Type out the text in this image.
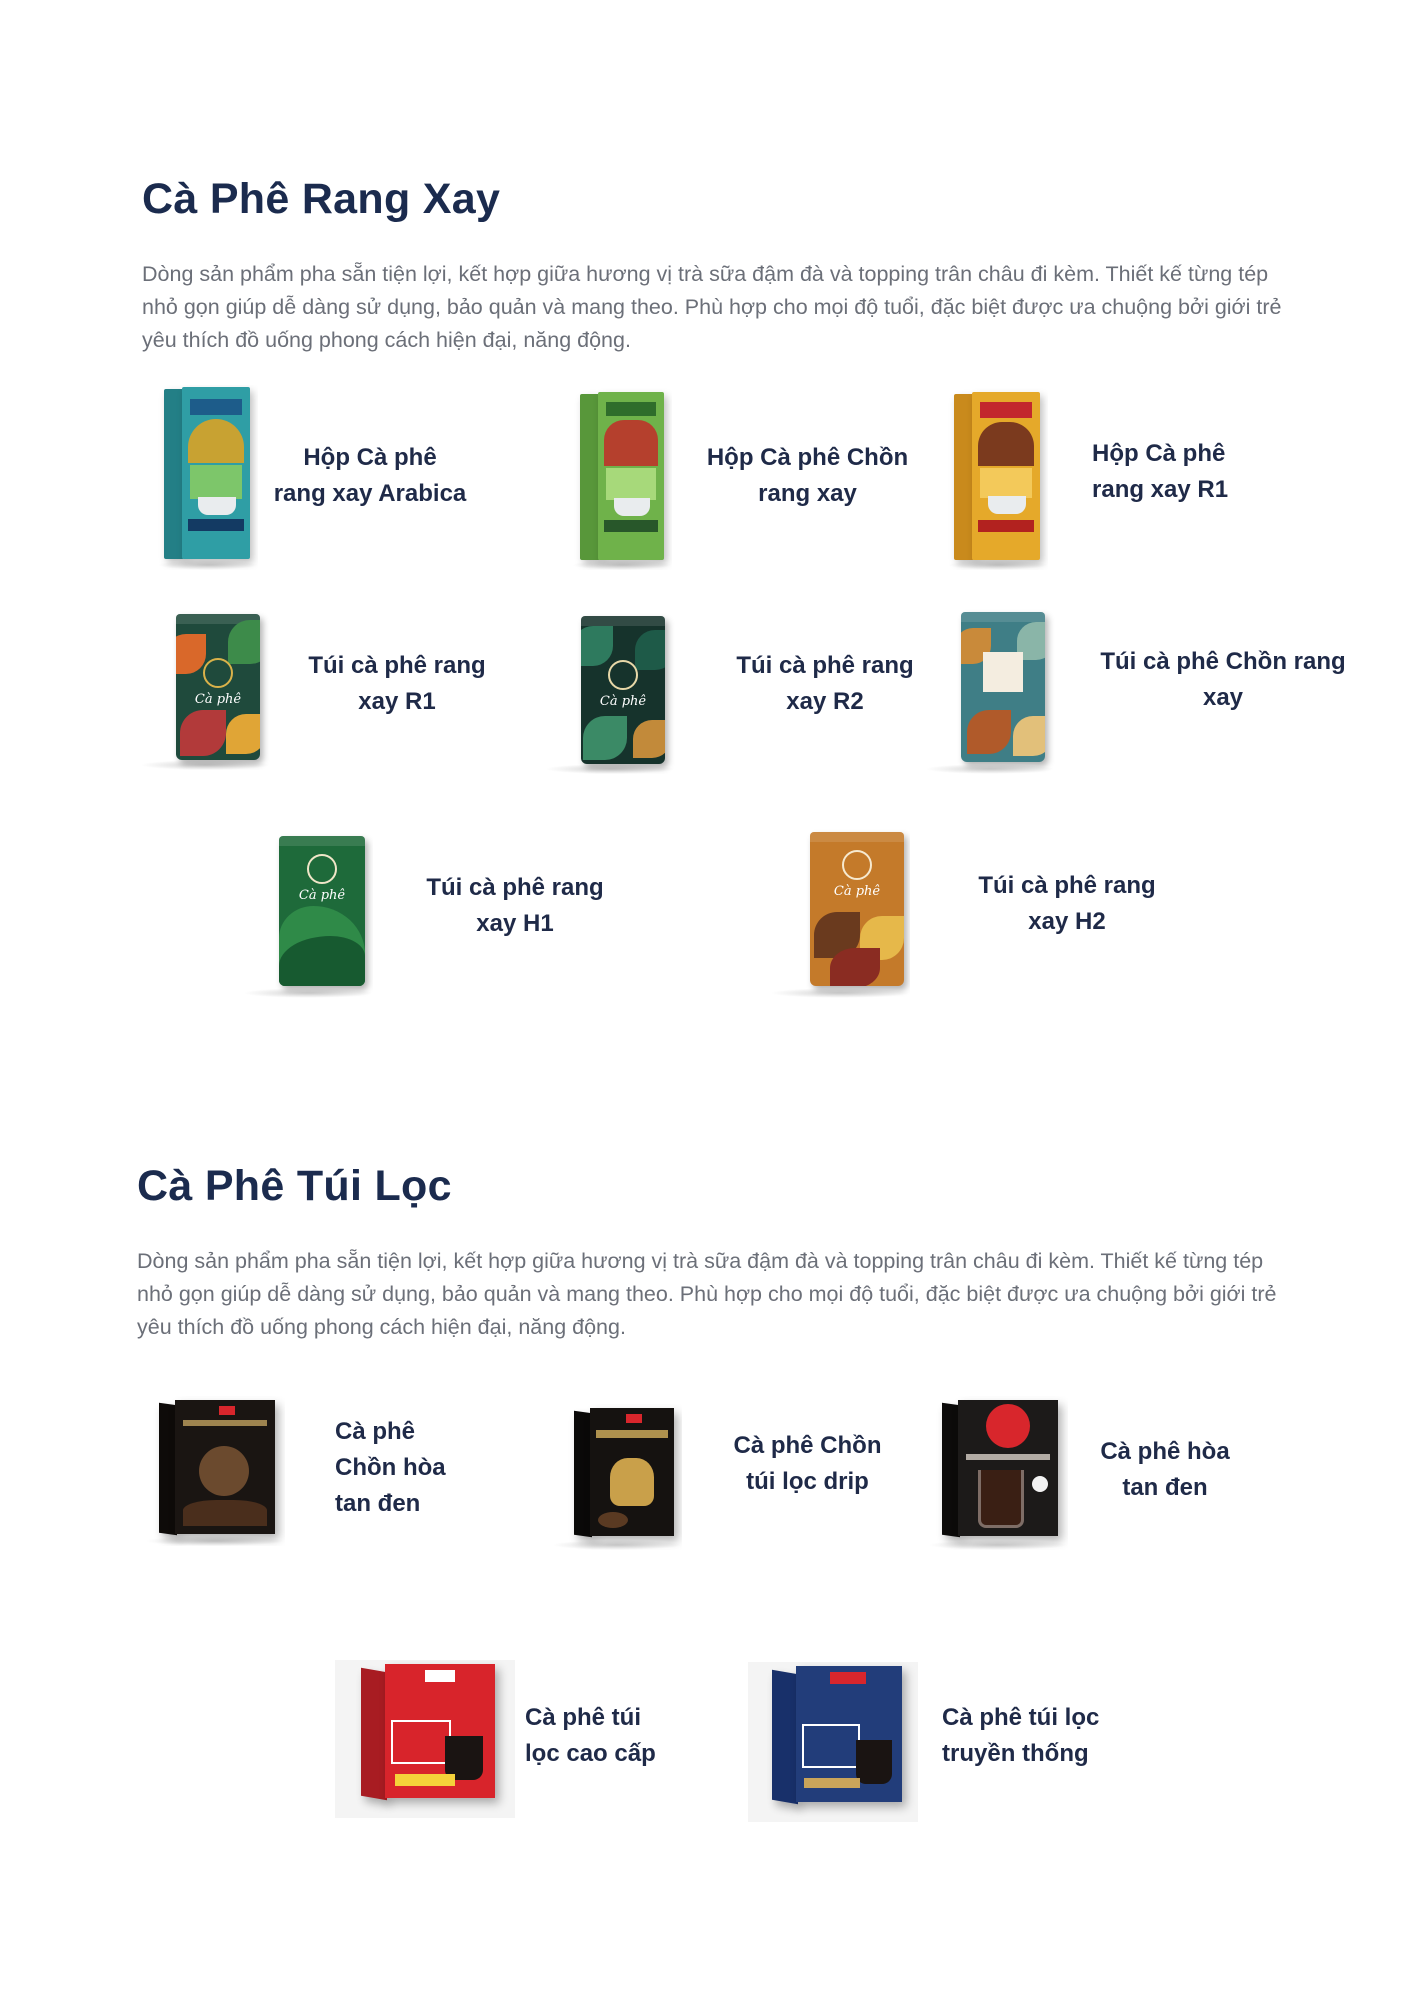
Cà Phê Rang Xay

Dòng sản phẩm pha sẵn tiện lợi, kết hợp giữa hương vị trà sữa đậm đà và topping trân châu đi kèm. Thiết kế từng tép nhỏ gọn giúp dễ dàng sử dụng, bảo quản và mang theo. Phù hợp cho mọi độ tuổi, đặc biệt được ưa chuộng bởi giới trẻ yêu thích đồ uống phong cách hiện đại, năng động.

Hộp Cà phê
rang xay Arabica
Hộp Cà phê Chồn
rang xay
Hộp Cà phê
rang xay R1
Cà phê
Túi cà phê rang
xay R1	Cà phê
Túi cà phê rang
xay R2
Túi cà phê Chồn rang
xay
Cà phê	Túi cà phê rang
xay H1
Cà phê	Túi cà phê rang
xay H2
Cà Phê Túi Lọc

Dòng sản phẩm pha sẵn tiện lợi, kết hợp giữa hương vị trà sữa đậm đà và topping trân châu đi kèm. Thiết kế từng tép nhỏ gọn giúp dễ dàng sử dụng, bảo quản và mang theo. Phù hợp cho mọi độ tuổi, đặc biệt được ưa chuộng bởi giới trẻ yêu thích đồ uống phong cách hiện đại, năng động.

Cà phê
Chồn hòa
tan đen
Cà phê Chồn
túi lọc drip
Cà phê hòa
tan đen
Cà phê túi
lọc cao cấp
Cà phê túi lọc
truyền thống
